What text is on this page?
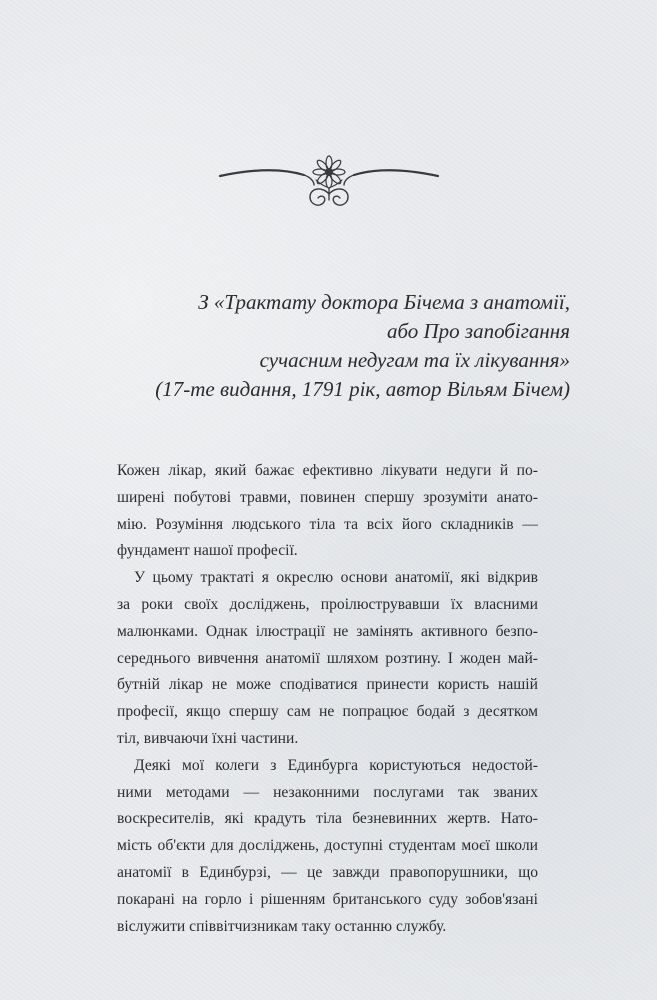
З «Трактату доктора Бічема з анатомії,
або Про запобігання
сучасним недугам та їх лікування»
(17-те видання, 1791 рік, автор Вільям Бічем)
Кожен лікар, який бажає ефективно лікувати недуги й по-
ширені побутові травми, повинен спершу зрозуміти анато-
мію. Розуміння людського тіла та всіх його складників —
фундамент нашої професії.
У цьому трактаті я окреслю основи анатомії, які відкрив
за роки своїх досліджень, проілюструвавши їх власними
малюнками. Однак ілюстрації не замінять активного безпо-
середнього вивчення анатомії шляхом розтину. І жоден май-
бутній лікар не може сподіватися принести користь нашій
професії, якщо спершу сам не попрацює бодай з десятком
тіл, вивчаючи їхні частини.
Деякі мої колеги з Единбурга користуються недостой-
ними методами — незаконними послугами так званих
воскресителів, які крадуть тіла безневинних жертв. Нато-
мість об'єкти для досліджень, доступні студентам моєї школи
анатомії в Единбурзі, — це завжди правопорушники, що
покарані на горло і рішенням британського суду зобов'язані
віслужити співвітчизникам таку останню службу.
